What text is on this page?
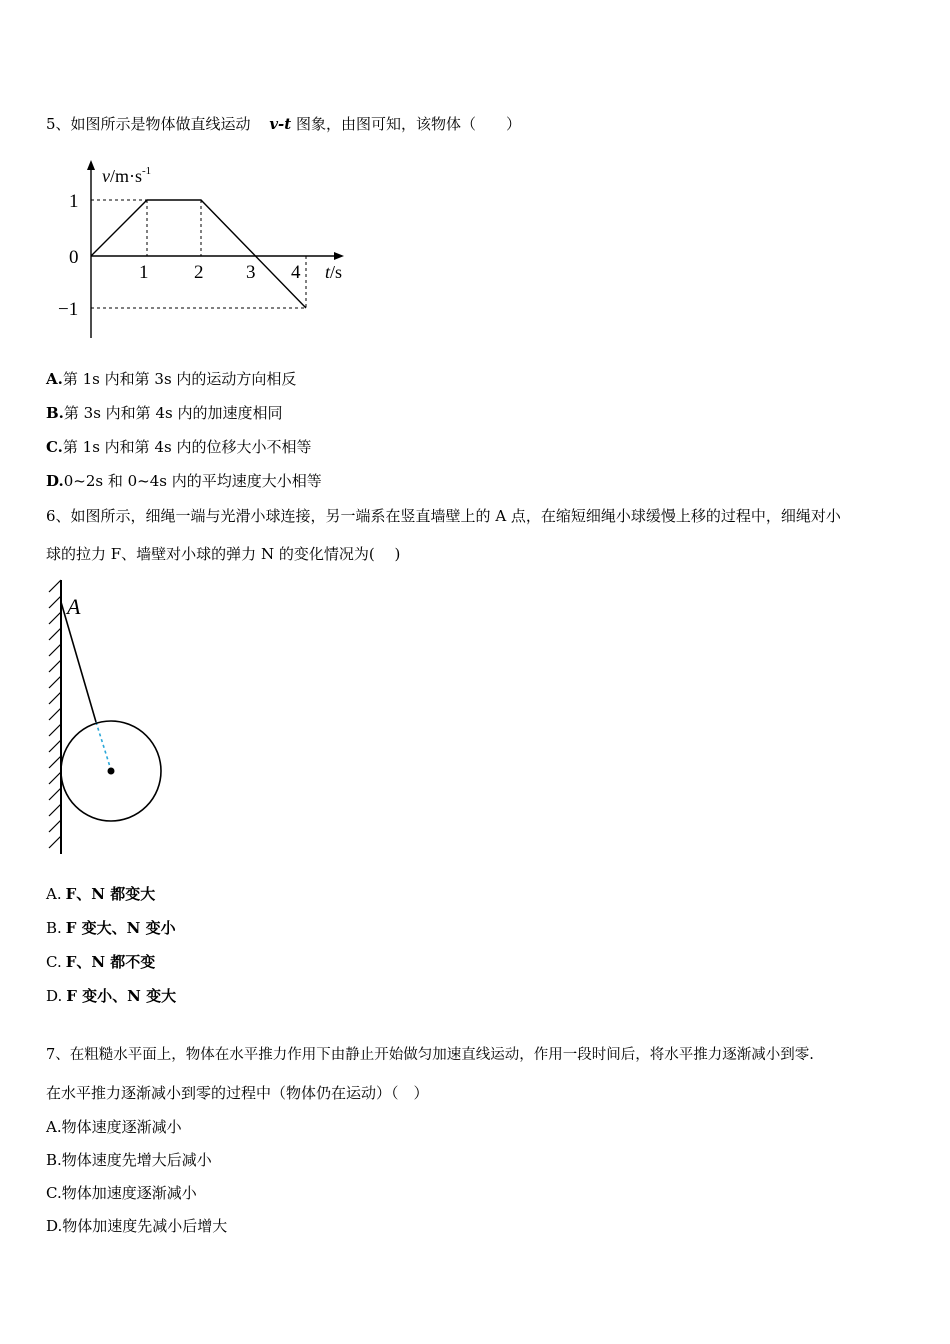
5、如图所示是物体做直线运动 v-t 图象，由图可知，该物体（　　）
$v/m\cdot s^{-1}$
t/s
1
0
−1
1 2 3 4
A.第 1s 内和第 3s 内的运动方向相反
B.第 3s 内和第 4s 内的加速度相同
C.第 1s 内和第 4s 内的位移大小不相等
D.0~2s 和 0~4s 内的平均速度大小相等
6、如图所示，细绳一端与光滑小球连接，另一端系在竖直墙壁上的 A 点，在缩短细绳小球缓慢上移的过程中，细绳对小
球的拉力 F、墙壁对小球的弹力 N 的变化情况为(　 )
A
A. F、N 都变大
B. F 变大、N 变小
C. F、N 都不变
D. F 变小、N 变大
7、在粗糙水平面上，物体在水平推力作用下由静止开始做匀加速直线运动，作用一段时间后，将水平推力逐渐减小到零.
在水平推力逐渐减小到零的过程中（物体仍在运动）（　）
A.物体速度逐渐减小
B.物体速度先增大后减小
C.物体加速度逐渐减小
D.物体加速度先减小后增大
